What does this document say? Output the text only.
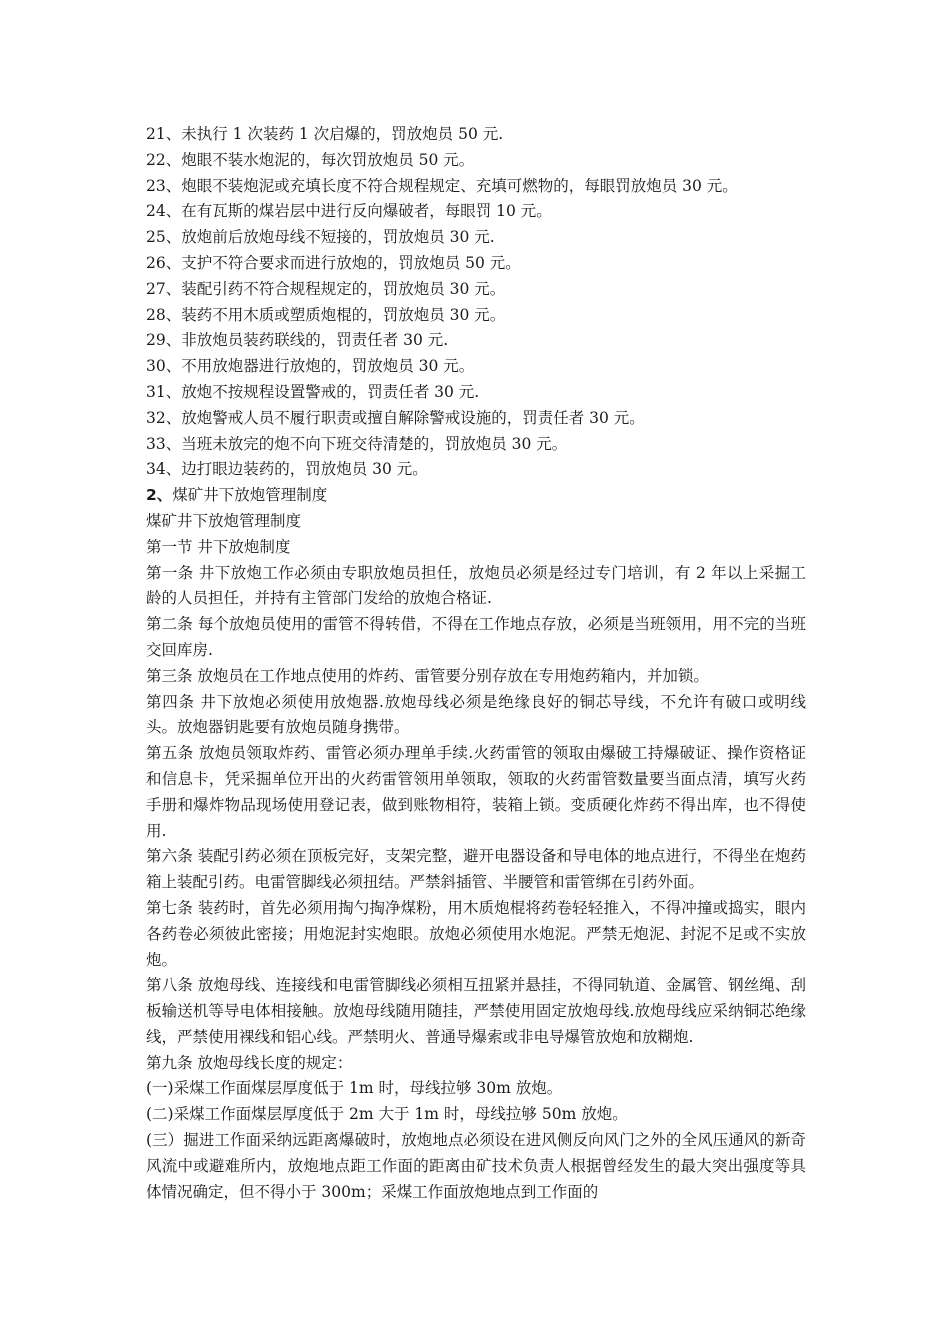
21、未执行 1 次装药 1 次启爆的，罚放炮员 50 元.
22、炮眼不装水炮泥的，每次罚放炮员 50 元。
23、炮眼不装炮泥或充填长度不符合规程规定、充填可燃物的，每眼罚放炮员 30 元。
24、在有瓦斯的煤岩层中进行反向爆破者，每眼罚 10 元。
25、放炮前后放炮母线不短接的，罚放炮员 30 元.
26、支护不符合要求而进行放炮的，罚放炮员 50 元。
27、装配引药不符合规程规定的，罚放炮员 30 元。
28、装药不用木质或塑质炮棍的，罚放炮员 30 元。
29、非放炮员装药联线的，罚责任者 30 元.
30、不用放炮器进行放炮的，罚放炮员 30 元。
31、放炮不按规程设置警戒的，罚责任者 30 元.
32、放炮警戒人员不履行职责或擅自解除警戒设施的，罚责任者 30 元。
33、当班未放完的炮不向下班交待清楚的，罚放炮员 30 元。
34、边打眼边装药的，罚放炮员 30 元。
2、煤矿井下放炮管理制度
煤矿井下放炮管理制度
第一节 井下放炮制度
第一条 井下放炮工作必须由专职放炮员担任，放炮员必须是经过专门培训，有 2 年以上采掘工龄的人员担任，并持有主管部门发给的放炮合格证.
第二条 每个放炮员使用的雷管不得转借，不得在工作地点存放，必须是当班领用，用不完的当班交回库房.
第三条 放炮员在工作地点使用的炸药、雷管要分别存放在专用炮药箱内，并加锁。
第四条 井下放炮必须使用放炮器.放炮母线必须是绝缘良好的铜芯导线，不允许有破口或明线头。放炮器钥匙要有放炮员随身携带。
第五条 放炮员领取炸药、雷管必须办理单手续.火药雷管的领取由爆破工持爆破证、操作资格证和信息卡，凭采掘单位开出的火药雷管领用单领取，领取的火药雷管数量要当面点清，填写火药手册和爆炸物品现场使用登记表，做到账物相符，装箱上锁。变质硬化炸药不得出库，也不得使用.
第六条 装配引药必须在顶板完好，支架完整，避开电器设备和导电体的地点进行，不得坐在炮药箱上装配引药。电雷管脚线必须扭结。严禁斜插管、半腰管和雷管绑在引药外面。
第七条 装药时，首先必须用掏勺掏净煤粉，用木质炮棍将药卷轻轻推入，不得冲撞或捣实，眼内各药卷必须彼此密接；用炮泥封实炮眼。放炮必须使用水炮泥。严禁无炮泥、封泥不足或不实放炮。
第八条 放炮母线、连接线和电雷管脚线必须相互扭紧并悬挂，不得同轨道、金属管、钢丝绳、刮板输送机等导电体相接触。放炮母线随用随挂，严禁使用固定放炮母线.放炮母线应采纳铜芯绝缘线，严禁使用裸线和铝心线。严禁明火、普通导爆索或非电导爆管放炮和放糊炮.
第九条 放炮母线长度的规定：
(一)采煤工作面煤层厚度低于 1m 时，母线拉够 30m 放炮。
(二)采煤工作面煤层厚度低于 2m 大于 1m 时，母线拉够 50m 放炮。
(三）掘进工作面采纳远距离爆破时，放炮地点必须设在进风侧反向风门之外的全风压通风的新奇风流中或避难所内，放炮地点距工作面的距离由矿技术负责人根据曾经发生的最大突出强度等具体情况确定，但不得小于 300m；采煤工作面放炮地点到工作面的
